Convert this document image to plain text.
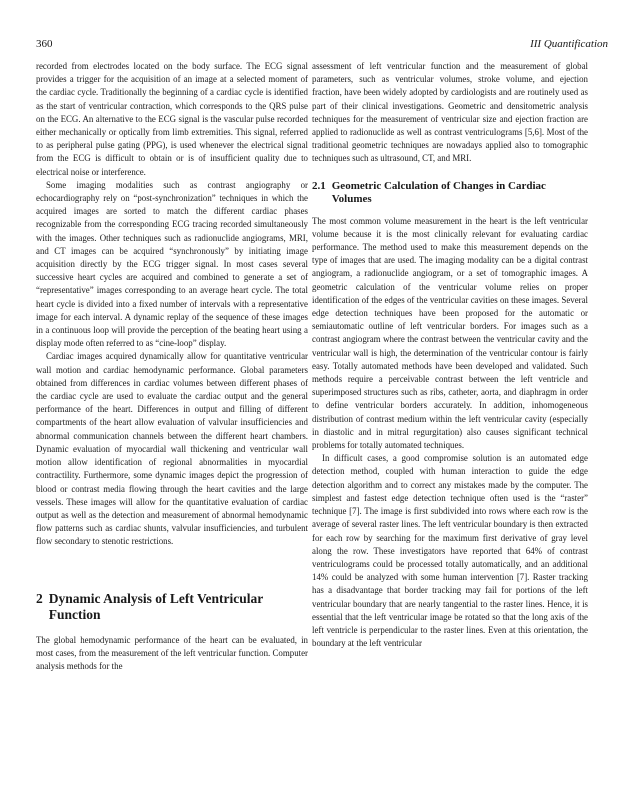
360	III Quantification

recorded from electrodes located on the body surface. The ECG signal provides a trigger for the acquisition of an image at a selected moment of the cardiac cycle. Traditionally the beginning of a cardiac cycle is identified as the start of ventricular contraction, which corresponds to the QRS pulse on the ECG. An alternative to the ECG signal is the vascular pulse recorded either mechanically or optically from limb extremities. This signal, referred to as peripheral pulse gating (PPG), is used whenever the electrical signal from the ECG is difficult to obtain or is of insufficient quality due to electrical noise or interference.

Some imaging modalities such as contrast angiography or echocardiography rely on “post-synchronization” techniques in which the acquired images are sorted to match the different cardiac phases recognizable from the corresponding ECG tracing recorded simultaneously with the images. Other techniques such as radionuclide angiograms, MRI, and CT images can be acquired “synchronously” by initiating image acquisition directly by the ECG trigger signal. In most cases several successive heart cycles are acquired and combined to generate a set of “representative” images corresponding to an average heart cycle. The total heart cycle is divided into a fixed number of intervals with a representative image for each interval. A dynamic replay of the sequence of these images in a continuous loop will provide the perception of the beating heart using a display mode often referred to as “cine-loop” display.

Cardiac images acquired dynamically allow for quantitative ventricular wall motion and cardiac hemodynamic performance. Global parameters obtained from differences in cardiac volumes between different phases of the cardiac cycle are used to evaluate the cardiac output and the general performance of the heart. Differences in output and filling of different compartments of the heart allow evaluation of valvular insufficiencies and abnormal communication channels between the different heart chambers. Dynamic evaluation of myocardial wall thickening and ventricular wall motion allow identification of regional abnormalities in myocardial contractility. Furthermore, some dynamic images depict the progression of blood or contrast media flowing through the heart cavities and the large vessels. These images will allow for the quantitative evaluation of cardiac output as well as the detection and measurement of abnormal hemodynamic flow patterns such as cardiac shunts, valvular insufficiencies, and turbulent flow secondary to stenotic restrictions.

2 Dynamic Analysis of Left Ventricular Function

The global hemodynamic performance of the heart can be evaluated, in most cases, from the measurement of the left ventricular function. Computer analysis methods for the

assessment of left ventricular function and the measurement of global parameters, such as ventricular volumes, stroke volume, and ejection fraction, have been widely adopted by cardiologists and are routinely used as part of their clinical investigations. Geometric and densitometric analysis techniques for the measurement of ventricular size and ejection fraction are applied to radionuclide as well as contrast ventriculograms [5,6]. Most of the traditional geometric techniques are nowadays applied also to tomographic techniques such as ultrasound, CT, and MRI.

2.1 Geometric Calculation of Changes in Cardiac Volumes

The most common volume measurement in the heart is the left ventricular volume because it is the most clinically relevant for evaluating cardiac performance. The method used to make this measurement depends on the type of images that are used. The imaging modality can be a digital contrast angiogram, a radionuclide angiogram, or a set of tomographic images. A geometric calculation of the ventricular volume relies on proper identification of the edges of the ventricular cavities on these images. Several edge detection techniques have been proposed for the automatic or semiautomatic outline of left ventricular borders. For images such as a contrast angiogram where the contrast between the ventricular cavity and the ventricular wall is high, the determination of the ventricular contour is fairly easy. Totally automated methods have been developed and validated. Such methods require a perceivable contrast between the left ventricle and superimposed structures such as ribs, catheter, aorta, and diaphragm in order to define ventricular borders accurately. In addition, inhomogeneous distribution of contrast medium within the left ventricular cavity (especially in diastolic and in mitral regurgitation) also causes significant technical problems for totally automated techniques.

In difficult cases, a good compromise solution is an automated edge detection method, coupled with human interaction to guide the edge detection algorithm and to correct any mistakes made by the computer. The simplest and fastest edge detection technique often used is the “raster” technique [7]. The image is first subdivided into rows where each row is the average of several raster lines. The left ventricular boundary is then extracted for each row by searching for the maximum first derivative of gray level along the row. These investigators have reported that 64% of contrast ventriculograms could be processed totally automatically, and an additional 14% could be analyzed with some human intervention [7]. Raster tracking has a disadvantage that border tracking may fail for portions of the left ventricular boundary that are nearly tangential to the raster lines. Hence, it is essential that the left ventricular image be rotated so that the long axis of the left ventricle is perpendicular to the raster lines. Even at this orientation, the boundary at the left ventricular
